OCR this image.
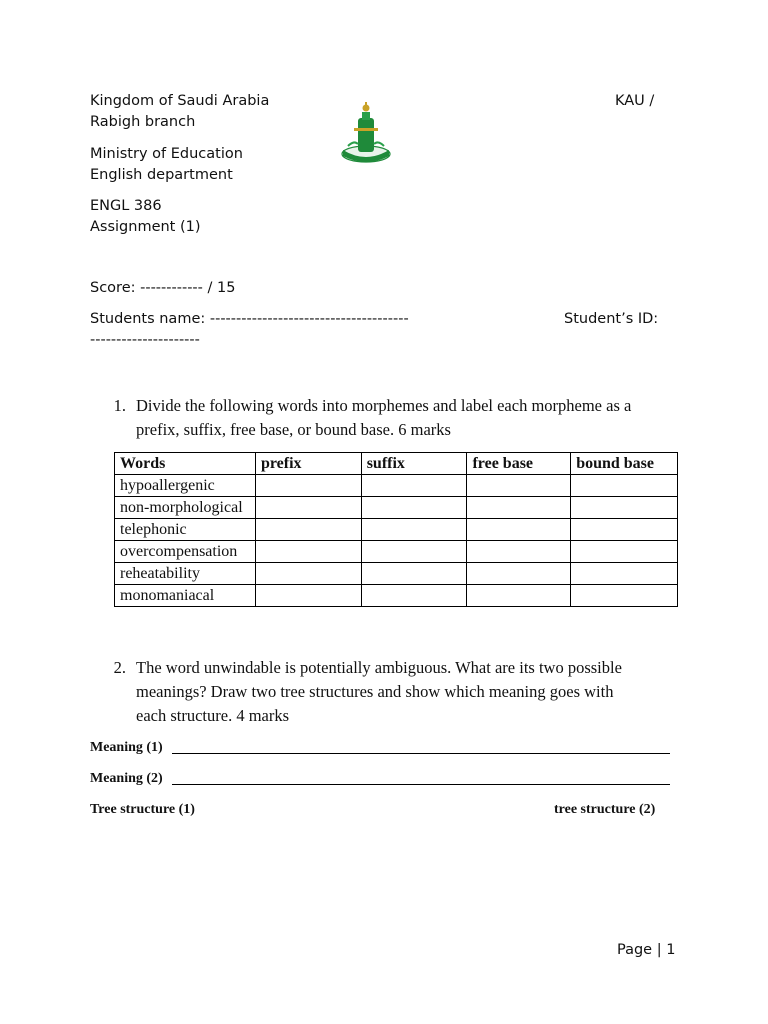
Kingdom of Saudi Arabia
Rabigh branch
Ministry of Education
English department
ENGL 386
Assignment (1)
KAU /
Score: ------------ / 15
Students name: --------------------------------------	Student’s ID:
---------------------
1. Divide the following words into morphemes and label each morpheme as a
prefix, suffix, free base, or bound base. 6 marks
Words	prefix	suffix	free base	bound base
hypoallergenic				
non-morphological				
telephonic				
overcompensation				
reheatability				
monomaniacal				
2. The word unwindable is potentially ambiguous. What are its two possible
meanings? Draw two tree structures and show which meaning goes with
each structure. 4 marks
Meaning (1)
Meaning (2)
Tree structure (1)	tree structure (2)
Page | 1
